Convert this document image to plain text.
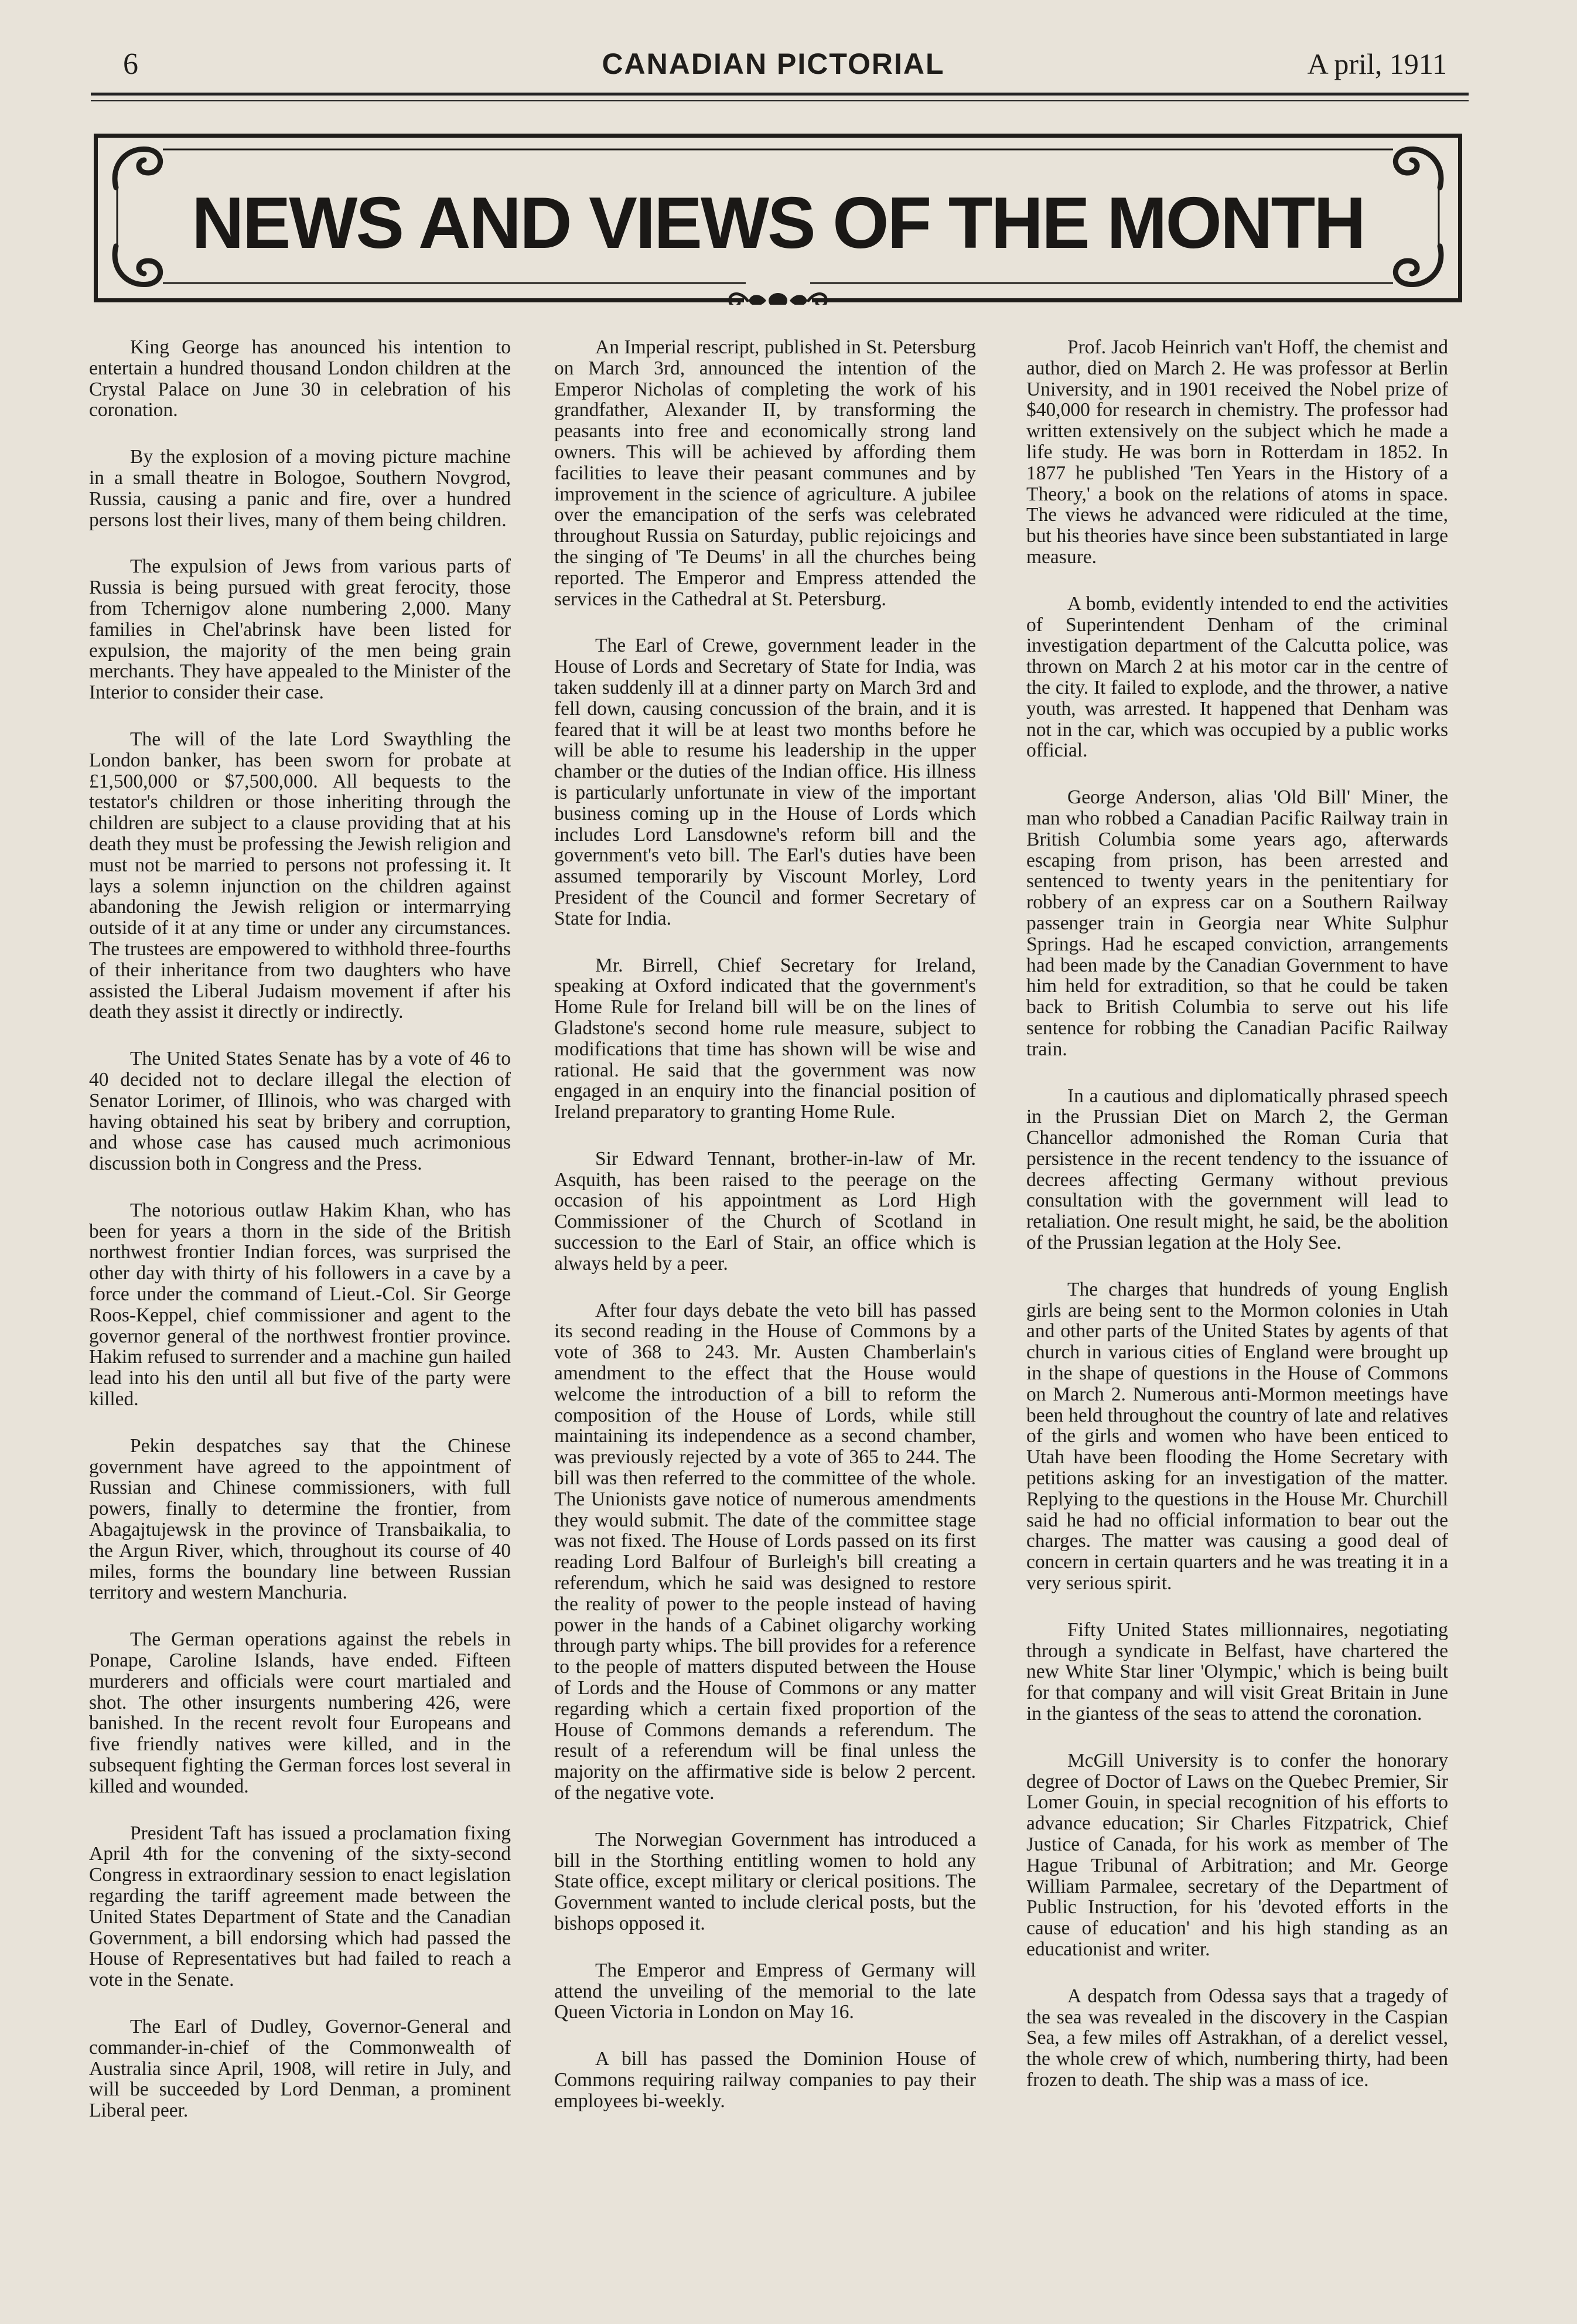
6	CANADIAN PICTORIAL	A pril, 1911
NEWS AND VIEWS OF THE MONTH

King George has anounced his intention to entertain a hundred thousand London children at the Crystal Palace on June 30 in celebration of his coronation.

By the explosion of a moving picture machine in a small theatre in Bologoe, Southern Novgrod, Russia, causing a panic and fire, over a hundred persons lost their lives, many of them being children.

The expulsion of Jews from various parts of Russia is being pursued with great ferocity, those from Tchernigov alone numbering 2,000. Many families in Chel'abrinsk have been listed for expulsion, the majority of the men being grain merchants. They have appealed to the Minister of the Interior to consider their case.

The will of the late Lord Swaythling the London banker, has been sworn for probate at £1,500,000 or $7,500,000. All bequests to the testator's children or those inheriting through the children are subject to a clause providing that at his death they must be professing the Jewish religion and must not be married to persons not professing it. It lays a solemn injunction on the children against abandoning the Jewish religion or intermarrying outside of it at any time or under any circumstances. The trustees are empowered to withhold three-fourths of their inheritance from two daughters who have assisted the Liberal Judaism movement if after his death they assist it directly or indirectly.

The United States Senate has by a vote of 46 to 40 decided not to declare illegal the election of Senator Lorimer, of Illinois, who was charged with having obtained his seat by bribery and corruption, and whose case has caused much acrimonious discussion both in Congress and the Press.

The notorious outlaw Hakim Khan, who has been for years a thorn in the side of the British northwest frontier Indian forces, was surprised the other day with thirty of his followers in a cave by a force under the command of Lieut.-Col. Sir George Roos-Keppel, chief commissioner and agent to the governor general of the northwest frontier province. Hakim refused to surrender and a machine gun hailed lead into his den until all but five of the party were killed.

Pekin despatches say that the Chinese government have agreed to the appointment of Russian and Chinese commissioners, with full powers, finally to determine the frontier, from Abagajtujewsk in the province of Transbaikalia, to the Argun River, which, throughout its course of 40 miles, forms the boundary line between Russian territory and western Manchuria.

The German operations against the rebels in Ponape, Caroline Islands, have ended. Fifteen murderers and officials were court martialed and shot. The other insurgents numbering 426, were banished. In the recent revolt four Europeans and five friendly natives were killed, and in the subsequent fighting the German forces lost several in killed and wounded.

President Taft has issued a proclamation fixing April 4th for the convening of the sixty-second Congress in extraordinary session to enact legislation regarding the tariff agreement made between the United States Department of State and the Canadian Government, a bill endorsing which had passed the House of Representatives but had failed to reach a vote in the Senate.

The Earl of Dudley, Governor-General and commander-in-chief of the Commonwealth of Australia since April, 1908, will retire in July, and will be succeeded by Lord Denman, a prominent Liberal peer.

An Imperial rescript, published in St. Petersburg on March 3rd, announced the intention of the Emperor Nicholas of completing the work of his grandfather, Alexander II, by transforming the peasants into free and economically strong land owners. This will be achieved by affording them facilities to leave their peasant communes and by improvement in the science of agriculture. A jubilee over the emancipation of the serfs was celebrated throughout Russia on Saturday, public rejoicings and the singing of 'Te Deums' in all the churches being reported. The Emperor and Empress attended the services in the Cathedral at St. Petersburg.

The Earl of Crewe, government leader in the House of Lords and Secretary of State for India, was taken suddenly ill at a dinner party on March 3rd and fell down, causing concussion of the brain, and it is feared that it will be at least two months before he will be able to resume his leadership in the upper chamber or the duties of the Indian office. His illness is particularly unfortunate in view of the important business coming up in the House of Lords which includes Lord Lansdowne's reform bill and the government's veto bill. The Earl's duties have been assumed temporarily by Viscount Morley, Lord President of the Council and former Secretary of State for India.

Mr. Birrell, Chief Secretary for Ireland, speaking at Oxford indicated that the government's Home Rule for Ireland bill will be on the lines of Gladstone's second home rule measure, subject to modifications that time has shown will be wise and rational. He said that the government was now engaged in an enquiry into the financial position of Ireland preparatory to granting Home Rule.

Sir Edward Tennant, brother-in-law of Mr. Asquith, has been raised to the peerage on the occasion of his appointment as Lord High Commissioner of the Church of Scotland in succession to the Earl of Stair, an office which is always held by a peer.

After four days debate the veto bill has passed its second reading in the House of Commons by a vote of 368 to 243. Mr. Austen Chamberlain's amendment to the effect that the House would welcome the introduction of a bill to reform the composition of the House of Lords, while still maintaining its independence as a second chamber, was previously rejected by a vote of 365 to 244. The bill was then referred to the committee of the whole. The Unionists gave notice of numerous amendments they would submit. The date of the committee stage was not fixed. The House of Lords passed on its first reading Lord Balfour of Burleigh's bill creating a referendum, which he said was designed to restore the reality of power to the people instead of having power in the hands of a Cabinet oligarchy working through party whips. The bill provides for a reference to the people of matters disputed between the House of Lords and the House of Commons or any matter regarding which a certain fixed proportion of the House of Commons demands a referendum. The result of a referendum will be final unless the majority on the affirmative side is below 2 percent. of the negative vote.

The Norwegian Government has introduced a bill in the Storthing entitling women to hold any State office, except military or clerical positions. The Government wanted to include clerical posts, but the bishops opposed it.

The Emperor and Empress of Germany will attend the unveiling of the memorial to the late Queen Victoria in London on May 16.

A bill has passed the Dominion House of Commons requiring railway companies to pay their employees bi-weekly.

Prof. Jacob Heinrich van't Hoff, the chemist and author, died on March 2. He was professor at Berlin University, and in 1901 received the Nobel prize of $40,000 for research in chemistry. The professor had written extensively on the subject which he made a life study. He was born in Rotterdam in 1852. In 1877 he published 'Ten Years in the History of a Theory,' a book on the relations of atoms in space. The views he advanced were ridiculed at the time, but his theories have since been substantiated in large measure.

A bomb, evidently intended to end the activities of Superintendent Denham of the criminal investigation department of the Calcutta police, was thrown on March 2 at his motor car in the centre of the city. It failed to explode, and the thrower, a native youth, was arrested. It happened that Denham was not in the car, which was occupied by a public works official.

George Anderson, alias 'Old Bill' Miner, the man who robbed a Canadian Pacific Railway train in British Columbia some years ago, afterwards escaping from prison, has been arrested and sentenced to twenty years in the penitentiary for robbery of an express car on a Southern Railway passenger train in Georgia near White Sulphur Springs. Had he escaped conviction, arrangements had been made by the Canadian Government to have him held for extradition, so that he could be taken back to British Columbia to serve out his life sentence for robbing the Canadian Pacific Railway train.

In a cautious and diplomatically phrased speech in the Prussian Diet on March 2, the German Chancellor admonished the Roman Curia that persistence in the recent tendency to the issuance of decrees affecting Germany without previous consultation with the government will lead to retaliation. One result might, he said, be the abolition of the Prussian legation at the Holy See.

The charges that hundreds of young English girls are being sent to the Mormon colonies in Utah and other parts of the United States by agents of that church in various cities of England were brought up in the shape of questions in the House of Commons on March 2. Numerous anti-Mormon meetings have been held throughout the country of late and relatives of the girls and women who have been enticed to Utah have been flooding the Home Secretary with petitions asking for an investigation of the matter. Replying to the questions in the House Mr. Churchill said he had no official information to bear out the charges. The matter was causing a good deal of concern in certain quarters and he was treating it in a very serious spirit.

Fifty United States millionnaires, negotiating through a syndicate in Belfast, have chartered the new White Star liner 'Olympic,' which is being built for that company and will visit Great Britain in June in the giantess of the seas to attend the coronation.

McGill University is to confer the honorary degree of Doctor of Laws on the Quebec Premier, Sir Lomer Gouin, in special recognition of his efforts to advance education; Sir Charles Fitzpatrick, Chief Justice of Canada, for his work as member of The Hague Tribunal of Arbitration; and Mr. George William Parmalee, secretary of the Department of Public Instruction, for his 'devoted efforts in the cause of education' and his high standing as an educationist and writer.

A despatch from Odessa says that a tragedy of the sea was revealed in the discovery in the Caspian Sea, a few miles off Astrakhan, of a derelict vessel, the whole crew of which, numbering thirty, had been frozen to death. The ship was a mass of ice.
